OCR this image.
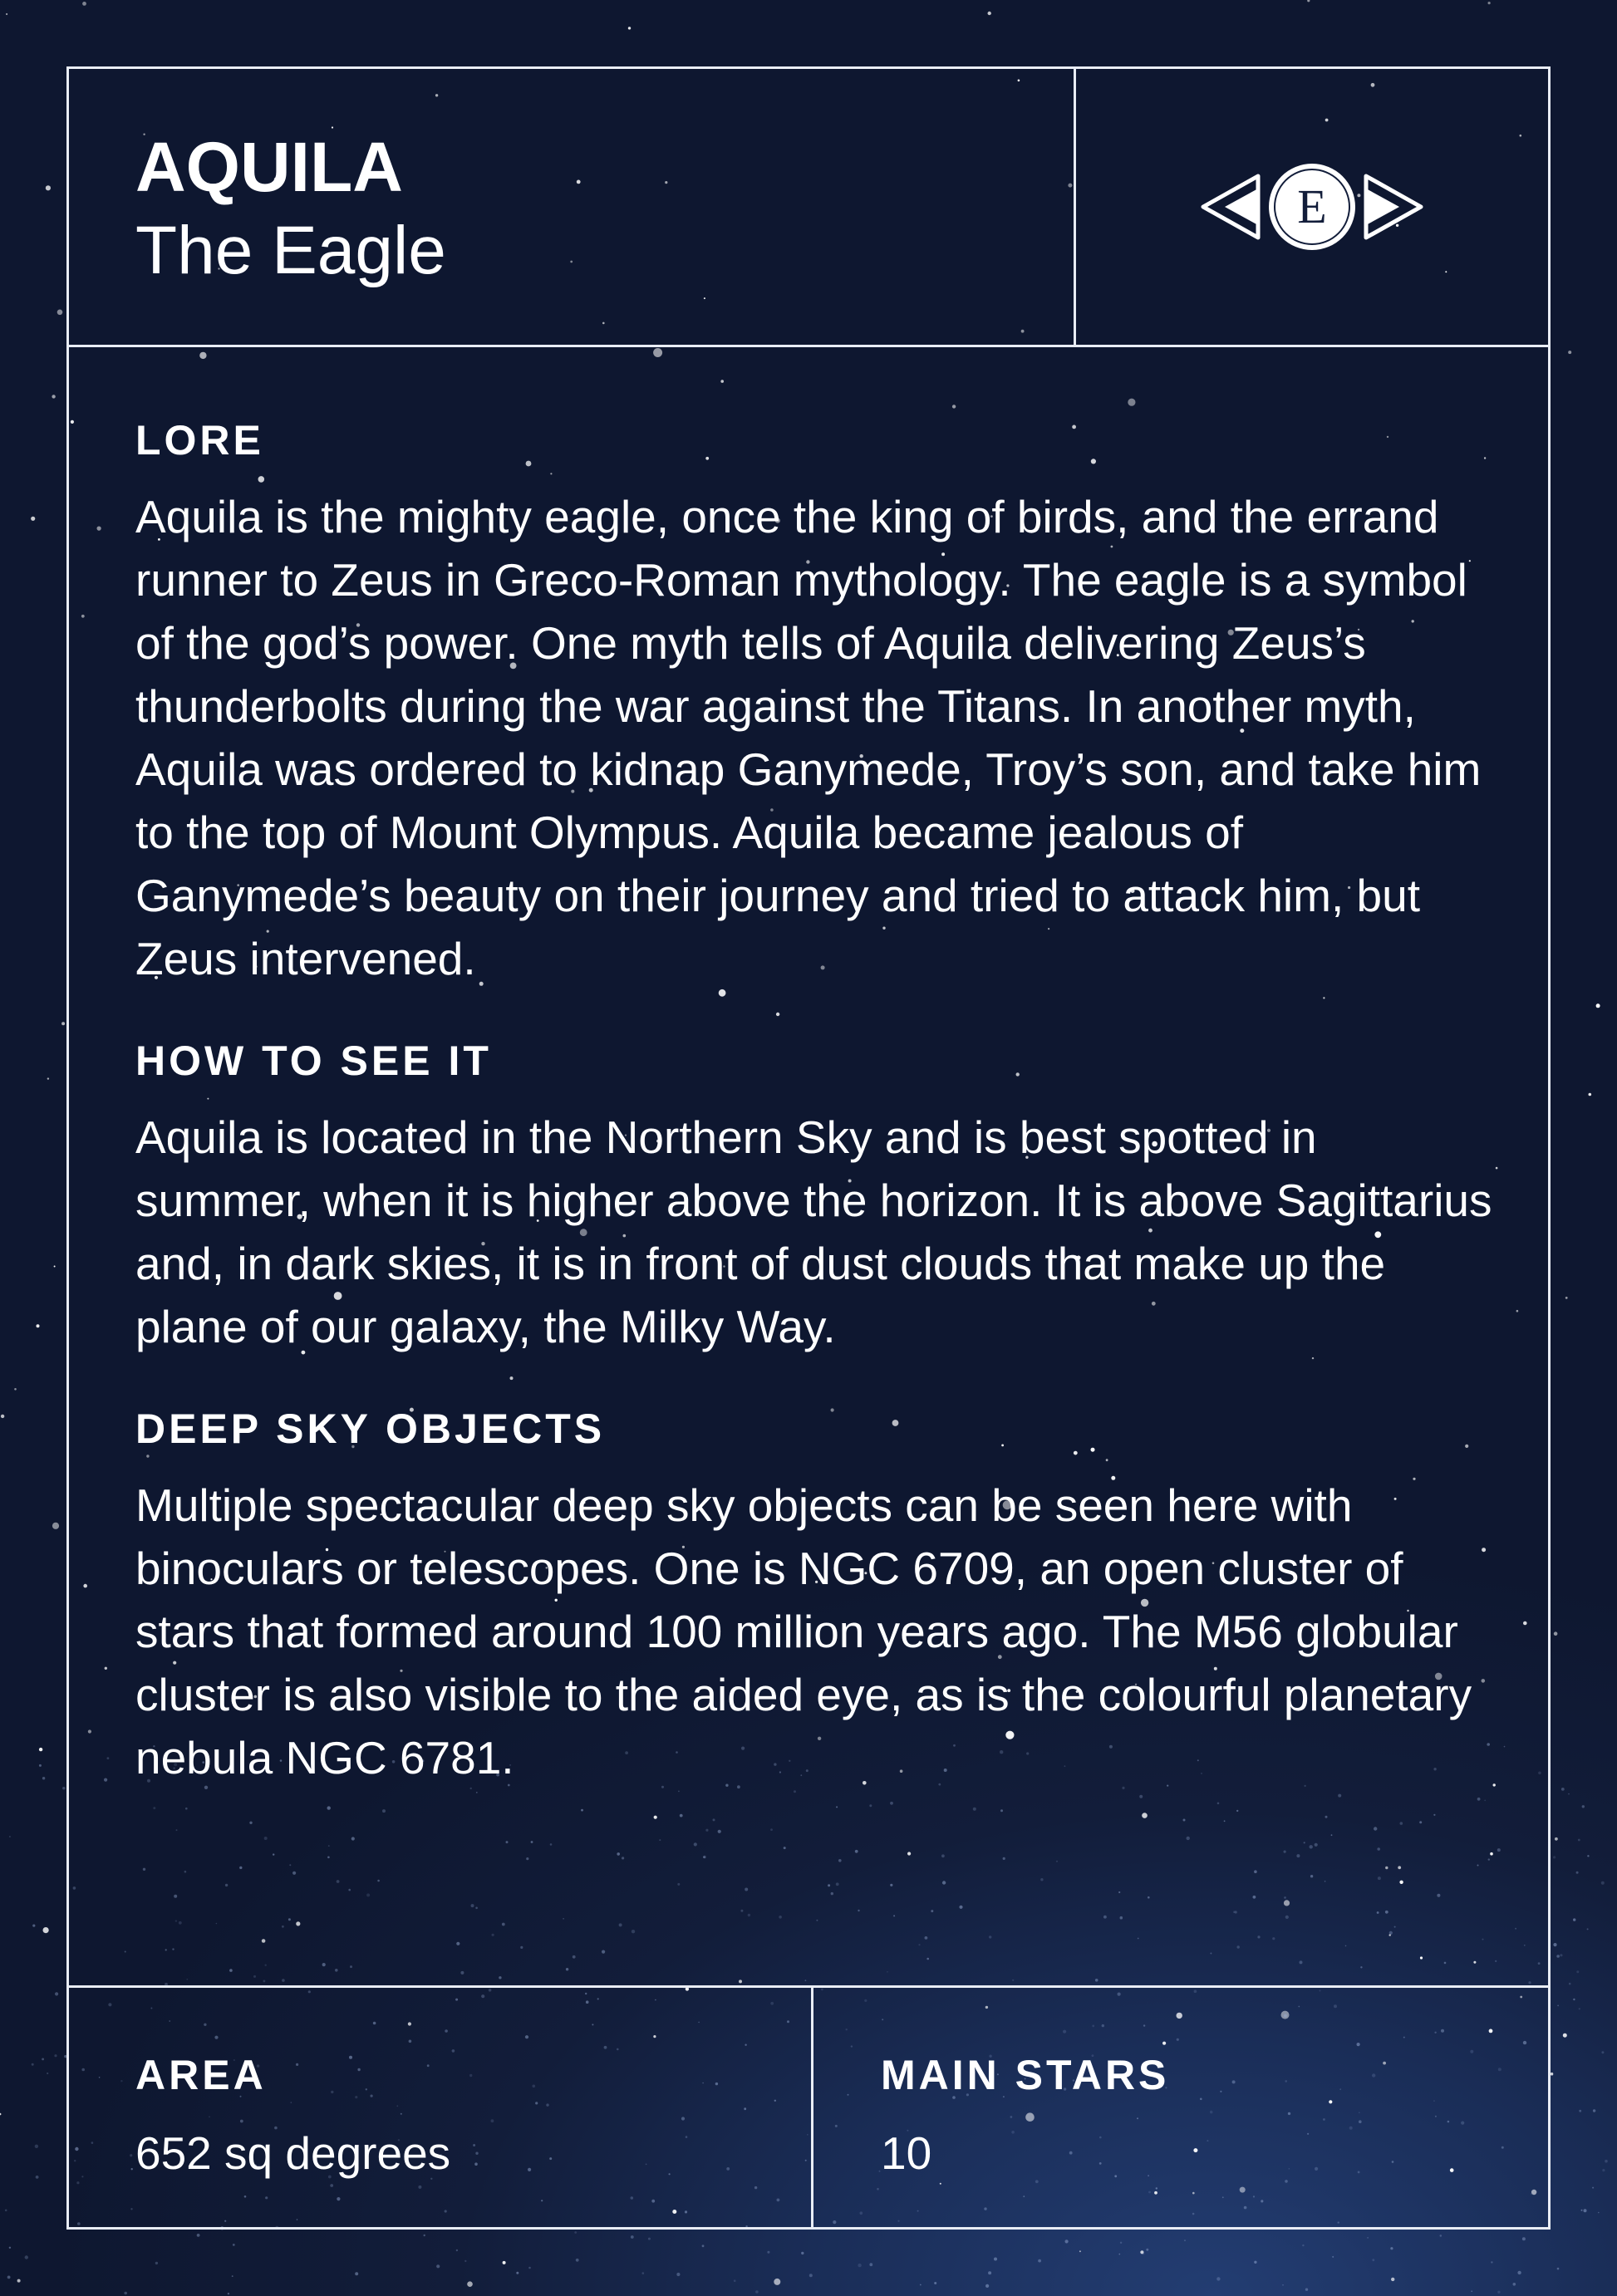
AQUILA

The Eagle

E
LORE

Aquila is the mighty eagle, once the king of birds, and the errand runner to Zeus in Greco-Roman mythology. The eagle is a symbol of the god’s power. One myth tells of Aquila delivering Zeus’s thunderbolts during the war against the Titans. In another myth, Aquila was ordered to kidnap Ganymede, Troy’s son, and take him to the top of Mount Olympus. Aquila became jealous of Ganymede’s beauty on their journey and tried to attack him, but Zeus intervened.

HOW TO SEE IT

Aquila is located in the Northern Sky and is best spotted in summer, when it is higher above the horizon. It is above Sagittarius and, in dark skies, it is in front of dust clouds that make up the plane of our galaxy, the Milky Way.

DEEP SKY OBJECTS

Multiple spectacular deep sky objects can be seen here with binoculars or telescopes. One is NGC 6709, an open cluster of stars that formed around 100 million years ago. The M56 globular cluster is also visible to the aided eye, as is the colourful planetary nebula NGC 6781.

AREA

652 sq degrees

MAIN STARS

10
